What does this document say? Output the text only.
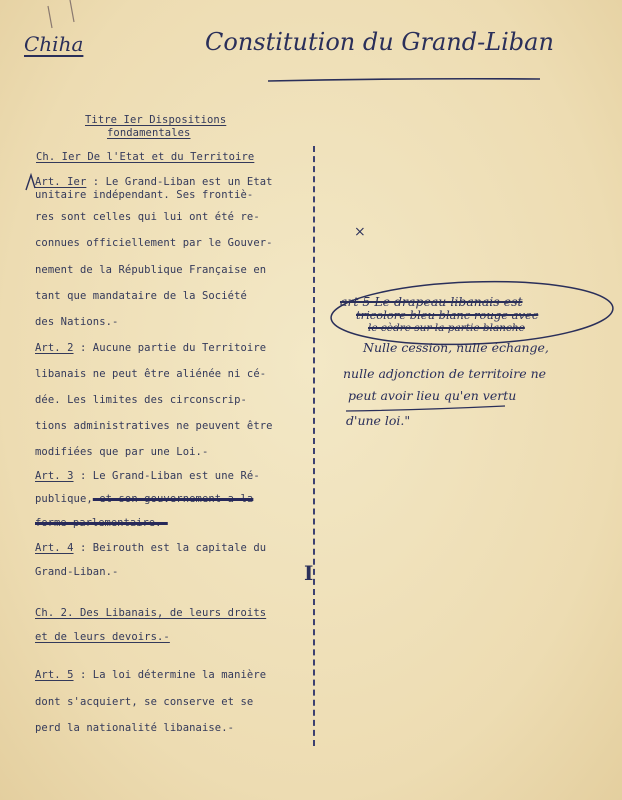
Chiha	Constitution du Grand-Liban
Titre Ier Dispositions
fondamentales
Ch. Ier De l'Etat et du Territoire
Art. Ier : Le Grand-Liban est un Etat
unitaire indépendant. Ses frontiè-
res sont celles qui lui ont été re-
connues officiellement par le Gouver-
nement de la République Française en
tant que mandataire de la Société
des Nations.-
Art. 2 : Aucune partie du Territoire
libanais ne peut être aliénée ni cé-
dée. Les limites des circonscrip-
tions administratives ne peuvent être
modifiées que par une Loi.-
Art. 3 : Le Grand-Liban est une Ré-
publique, et son gouvernement a la
forme parlementaire.-
Art. 4 : Beirouth est la capitale du
Grand-Liban.-
Ch. 2. Des Libanais, de leurs droits
et de leurs devoirs.-
Art. 5 : La loi détermine la manière
dont s'acquiert, se conserve et se
perd la nationalité libanaise.-
×
art 5 Le drapeau libanais est
tricolore bleu blanc rouge avec
le cèdre sur la partie blanche
Nulle cession, nulle échange,
nulle adjonction de territoire ne
peut avoir lieu qu'en vertu
d'une loi."
I
